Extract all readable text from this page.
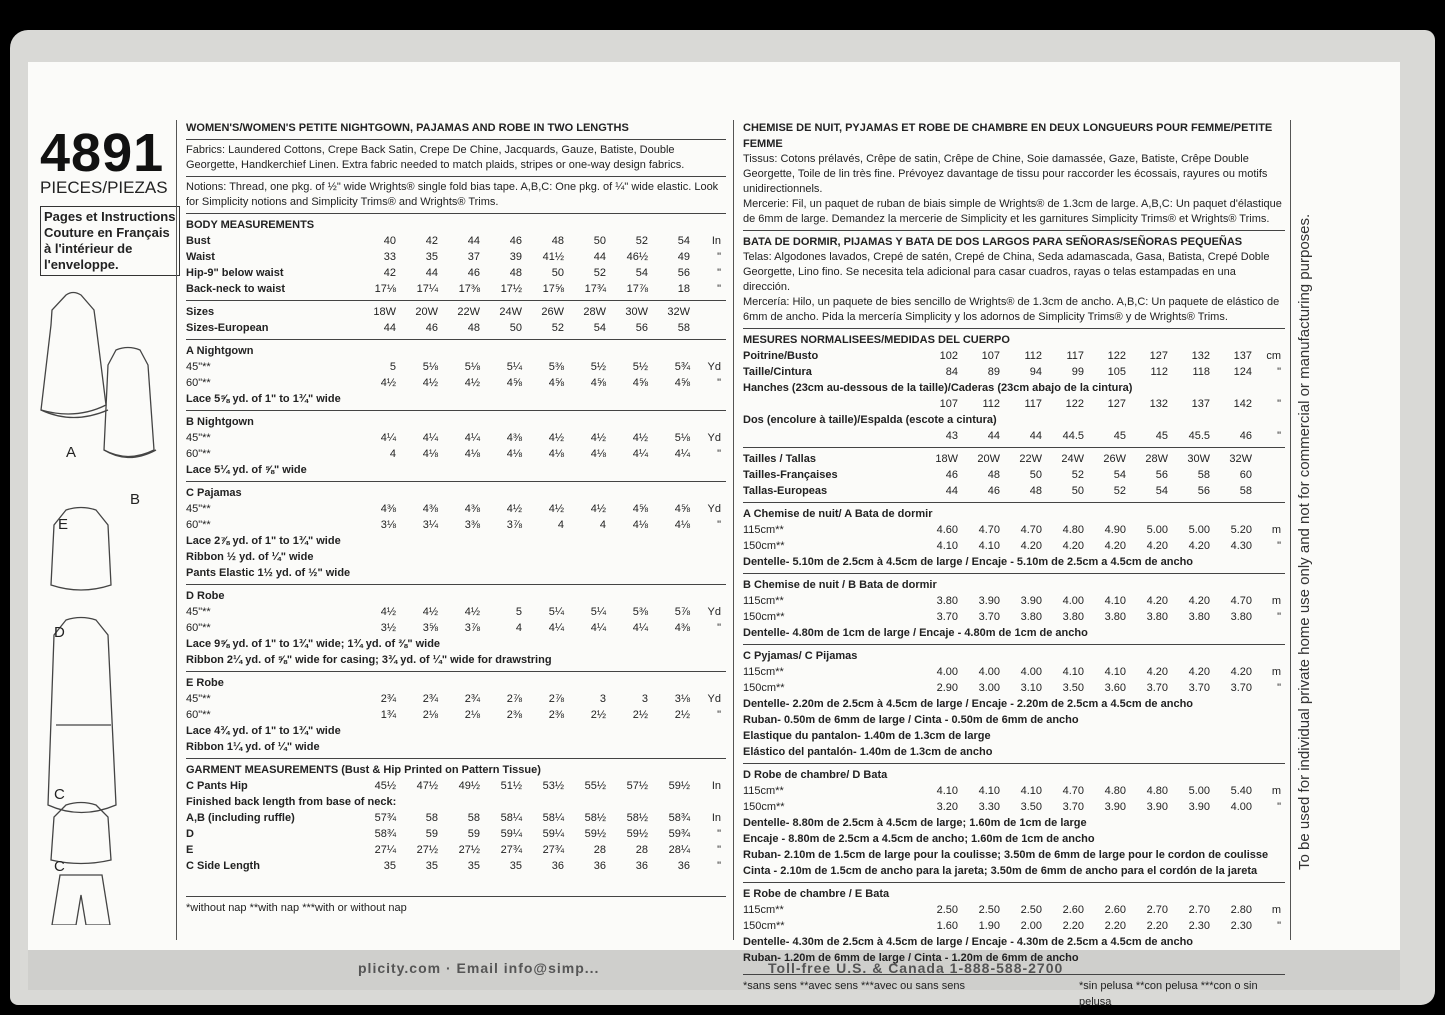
plicity.com · Email info@simp...	Toll-free U.S. & Canada 1-888-588-2700
4891
PIECES/PIEZAS
Pages et Instructions Couture en Français à l'intérieur de l'enveloppe.
A
B
E
D
C
C
WOMEN'S/WOMEN'S PETITE NIGHTGOWN, PAJAMAS AND ROBE IN TWO LENGTHS
Fabrics: Laundered Cottons, Crepe Back Satin, Crepe De Chine, Jacquards, Gauze, Batiste, Double Georgette, Handkerchief Linen. Extra fabric needed to match plaids, stripes or one-way design fabrics.
Notions: Thread, one pkg. of ½" wide Wrights® single fold bias tape. A,B,C: One pkg. of ¼" wide elastic. Look for Simplicity notions and Simplicity Trims® and Wrights® Trims.
BODY MEASUREMENTS
Bust	40	42	44	46	48	50	52	54	In
Waist	33	35	37	39	41½	44	46½	49	"
Hip-9" below waist	42	44	46	48	50	52	54	56	"
Back-neck to waist	17⅛	17¼	17⅜	17½	17⅝	17¾	17⅞	18	"
Sizes	18W	20W	22W	24W	26W	28W	30W	32W
Sizes-European	44	46	48	50	52	54	56	58
A Nightgown
45"**	5	5⅛	5⅛	5¼	5⅜	5½	5½	5¾	Yd
60"**	4½	4½	4½	4⅝	4⅝	4⅝	4⅝	4⅝	"
Lace 5⅝ yd. of 1" to 1¾" wide
B Nightgown
45"**	4¼	4¼	4¼	4⅜	4½	4½	4½	5⅛	Yd
60"**	4	4⅛	4⅛	4⅛	4⅛	4⅛	4¼	4¼	"
Lace 5¼ yd. of ⅝" wide
C Pajamas
45"**	4⅜	4⅜	4⅜	4½	4½	4½	4⅝	4⅝	Yd
60"**	3⅛	3¼	3⅜	3⅞	4	4	4⅛	4⅛	"
Lace 2⅞ yd. of 1" to 1¾" wide
Ribbon ½ yd. of ¼" wide
Pants Elastic 1½ yd. of ½" wide
D Robe
45"**	4½	4½	4½	5	5¼	5¼	5⅜	5⅞	Yd
60"**	3½	3⅝	3⅞	4	4¼	4¼	4¼	4⅜	"
Lace 9⅝ yd. of 1" to 1¾" wide; 1¾ yd. of ⅜" wide
Ribbon 2¼ yd. of ⅝" wide for casing; 3¾ yd. of ¼" wide for drawstring
E Robe
45"**	2¾	2¾	2¾	2⅞	2⅞	3	3	3⅛	Yd
60"**	1¾	2⅛	2⅛	2⅜	2⅜	2½	2½	2½	"
Lace 4¾ yd. of 1" to 1¾" wide
Ribbon 1¼ yd. of ¼" wide
GARMENT MEASUREMENTS (Bust & Hip Printed on Pattern Tissue)
C Pants Hip	45½	47½	49½	51½	53½	55½	57½	59½	In
Finished back length from base of neck:
A,B (including ruffle)	57¾	58	58	58¼	58¼	58½	58½	58¾	In
D	58¾	59	59	59¼	59¼	59½	59½	59¾	"
E	27¼	27½	27½	27¾	27¾	28	28	28¼	"
C Side Length	35	35	35	35	36	36	36	36	"
*without nap **with nap ***with or without nap
CHEMISE DE NUIT, PYJAMAS ET ROBE DE CHAMBRE EN DEUX LONGUEURS POUR FEMME/PETITE FEMME
Tissus: Cotons prélavés, Crêpe de satin, Crêpe de Chine, Soie damassée, Gaze, Batiste, Crêpe Double Georgette, Toile de lin très fine. Prévoyez davantage de tissu pour raccorder les écossais, rayures ou motifs unidirectionnels.
Mercerie: Fil, un paquet de ruban de biais simple de Wrights® de 1.3cm de large. A,B,C: Un paquet d'élastique de 6mm de large. Demandez la mercerie de Simplicity et les garnitures Simplicity Trims® et Wrights® Trims.
BATA DE DORMIR, PIJAMAS Y BATA DE DOS LARGOS PARA SEÑORAS/SEÑORAS PEQUEÑAS
Telas: Algodones lavados, Crepé de satén, Crepé de China, Seda adamascada, Gasa, Batista, Crepé Doble Georgette, Lino fino. Se necesita tela adicional para casar cuadros, rayas o telas estampadas en una dirección.
Mercería: Hilo, un paquete de bies sencillo de Wrights® de 1.3cm de ancho. A,B,C: Un paquete de elástico de 6mm de ancho. Pida la mercería Simplicity y los adornos de Simplicity Trims® y de Wrights® Trims.
MESURES NORMALISEES/MEDIDAS DEL CUERPO
Poitrine/Busto	102	107	112	117	122	127	132	137	cm
Taille/Cintura	84	89	94	99	105	112	118	124	"
Hanches (23cm au-dessous de la taille)/Caderas (23cm abajo de la cintura)
107	112	117	122	127	132	137	142	"
Dos (encolure à taille)/Espalda (escote a cintura)
43	44	44	44.5	45	45	45.5	46	"
Tailles / Tallas	18W	20W	22W	24W	26W	28W	30W	32W
Tailles-Françaises	46	48	50	52	54	56	58	60
Tallas-Europeas	44	46	48	50	52	54	56	58
A Chemise de nuit/ A Bata de dormir
115cm**	4.60	4.70	4.70	4.80	4.90	5.00	5.00	5.20	m
150cm**	4.10	4.10	4.20	4.20	4.20	4.20	4.20	4.30	"
Dentelle- 5.10m de 2.5cm à 4.5cm de large / Encaje - 5.10m de 2.5cm a 4.5cm de ancho
B Chemise de nuit / B Bata de dormir
115cm**	3.80	3.90	3.90	4.00	4.10	4.20	4.20	4.70	m
150cm**	3.70	3.70	3.80	3.80	3.80	3.80	3.80	3.80	"
Dentelle- 4.80m de 1cm de large / Encaje - 4.80m de 1cm de ancho
C Pyjamas/ C Pijamas
115cm**	4.00	4.00	4.00	4.10	4.10	4.20	4.20	4.20	m
150cm**	2.90	3.00	3.10	3.50	3.60	3.70	3.70	3.70	"
Dentelle- 2.20m de 2.5cm à 4.5cm de large / Encaje - 2.20m de 2.5cm a 4.5cm de ancho
Ruban- 0.50m de 6mm de large / Cinta - 0.50m de 6mm de ancho
Elastique du pantalon- 1.40m de 1.3cm de large
Elástico del pantalón- 1.40m de 1.3cm de ancho
D Robe de chambre/ D Bata
115cm**	4.10	4.10	4.10	4.70	4.80	4.80	5.00	5.40	m
150cm**	3.20	3.30	3.50	3.70	3.90	3.90	3.90	4.00	"
Dentelle- 8.80m de 2.5cm à 4.5cm de large; 1.60m de 1cm de large
Encaje - 8.80m de 2.5cm a 4.5cm de ancho; 1.60m de 1cm de ancho
Ruban- 2.10m de 1.5cm de large pour la coulisse; 3.50m de 6mm de large pour le cordon de coulisse
Cinta - 2.10m de 1.5cm de ancho para la jareta; 3.50m de 6mm de ancho para el cordón de la jareta
E Robe de chambre / E Bata
115cm**	2.50	2.50	2.50	2.60	2.60	2.70	2.70	2.80	m
150cm**	1.60	1.90	2.00	2.20	2.20	2.20	2.30	2.30	"
Dentelle- 4.30m de 2.5cm à 4.5cm de large / Encaje - 4.30m de 2.5cm a 4.5cm de ancho
Ruban- 1.20m de 6mm de large / Cinta - 1.20m de 6mm de ancho
*sans sens **avec sens ***avec ou sans sens	*sin pelusa **con pelusa ***con o sin pelusa
To be used for individual private home use only and not for commercial or manufacturing purposes.
